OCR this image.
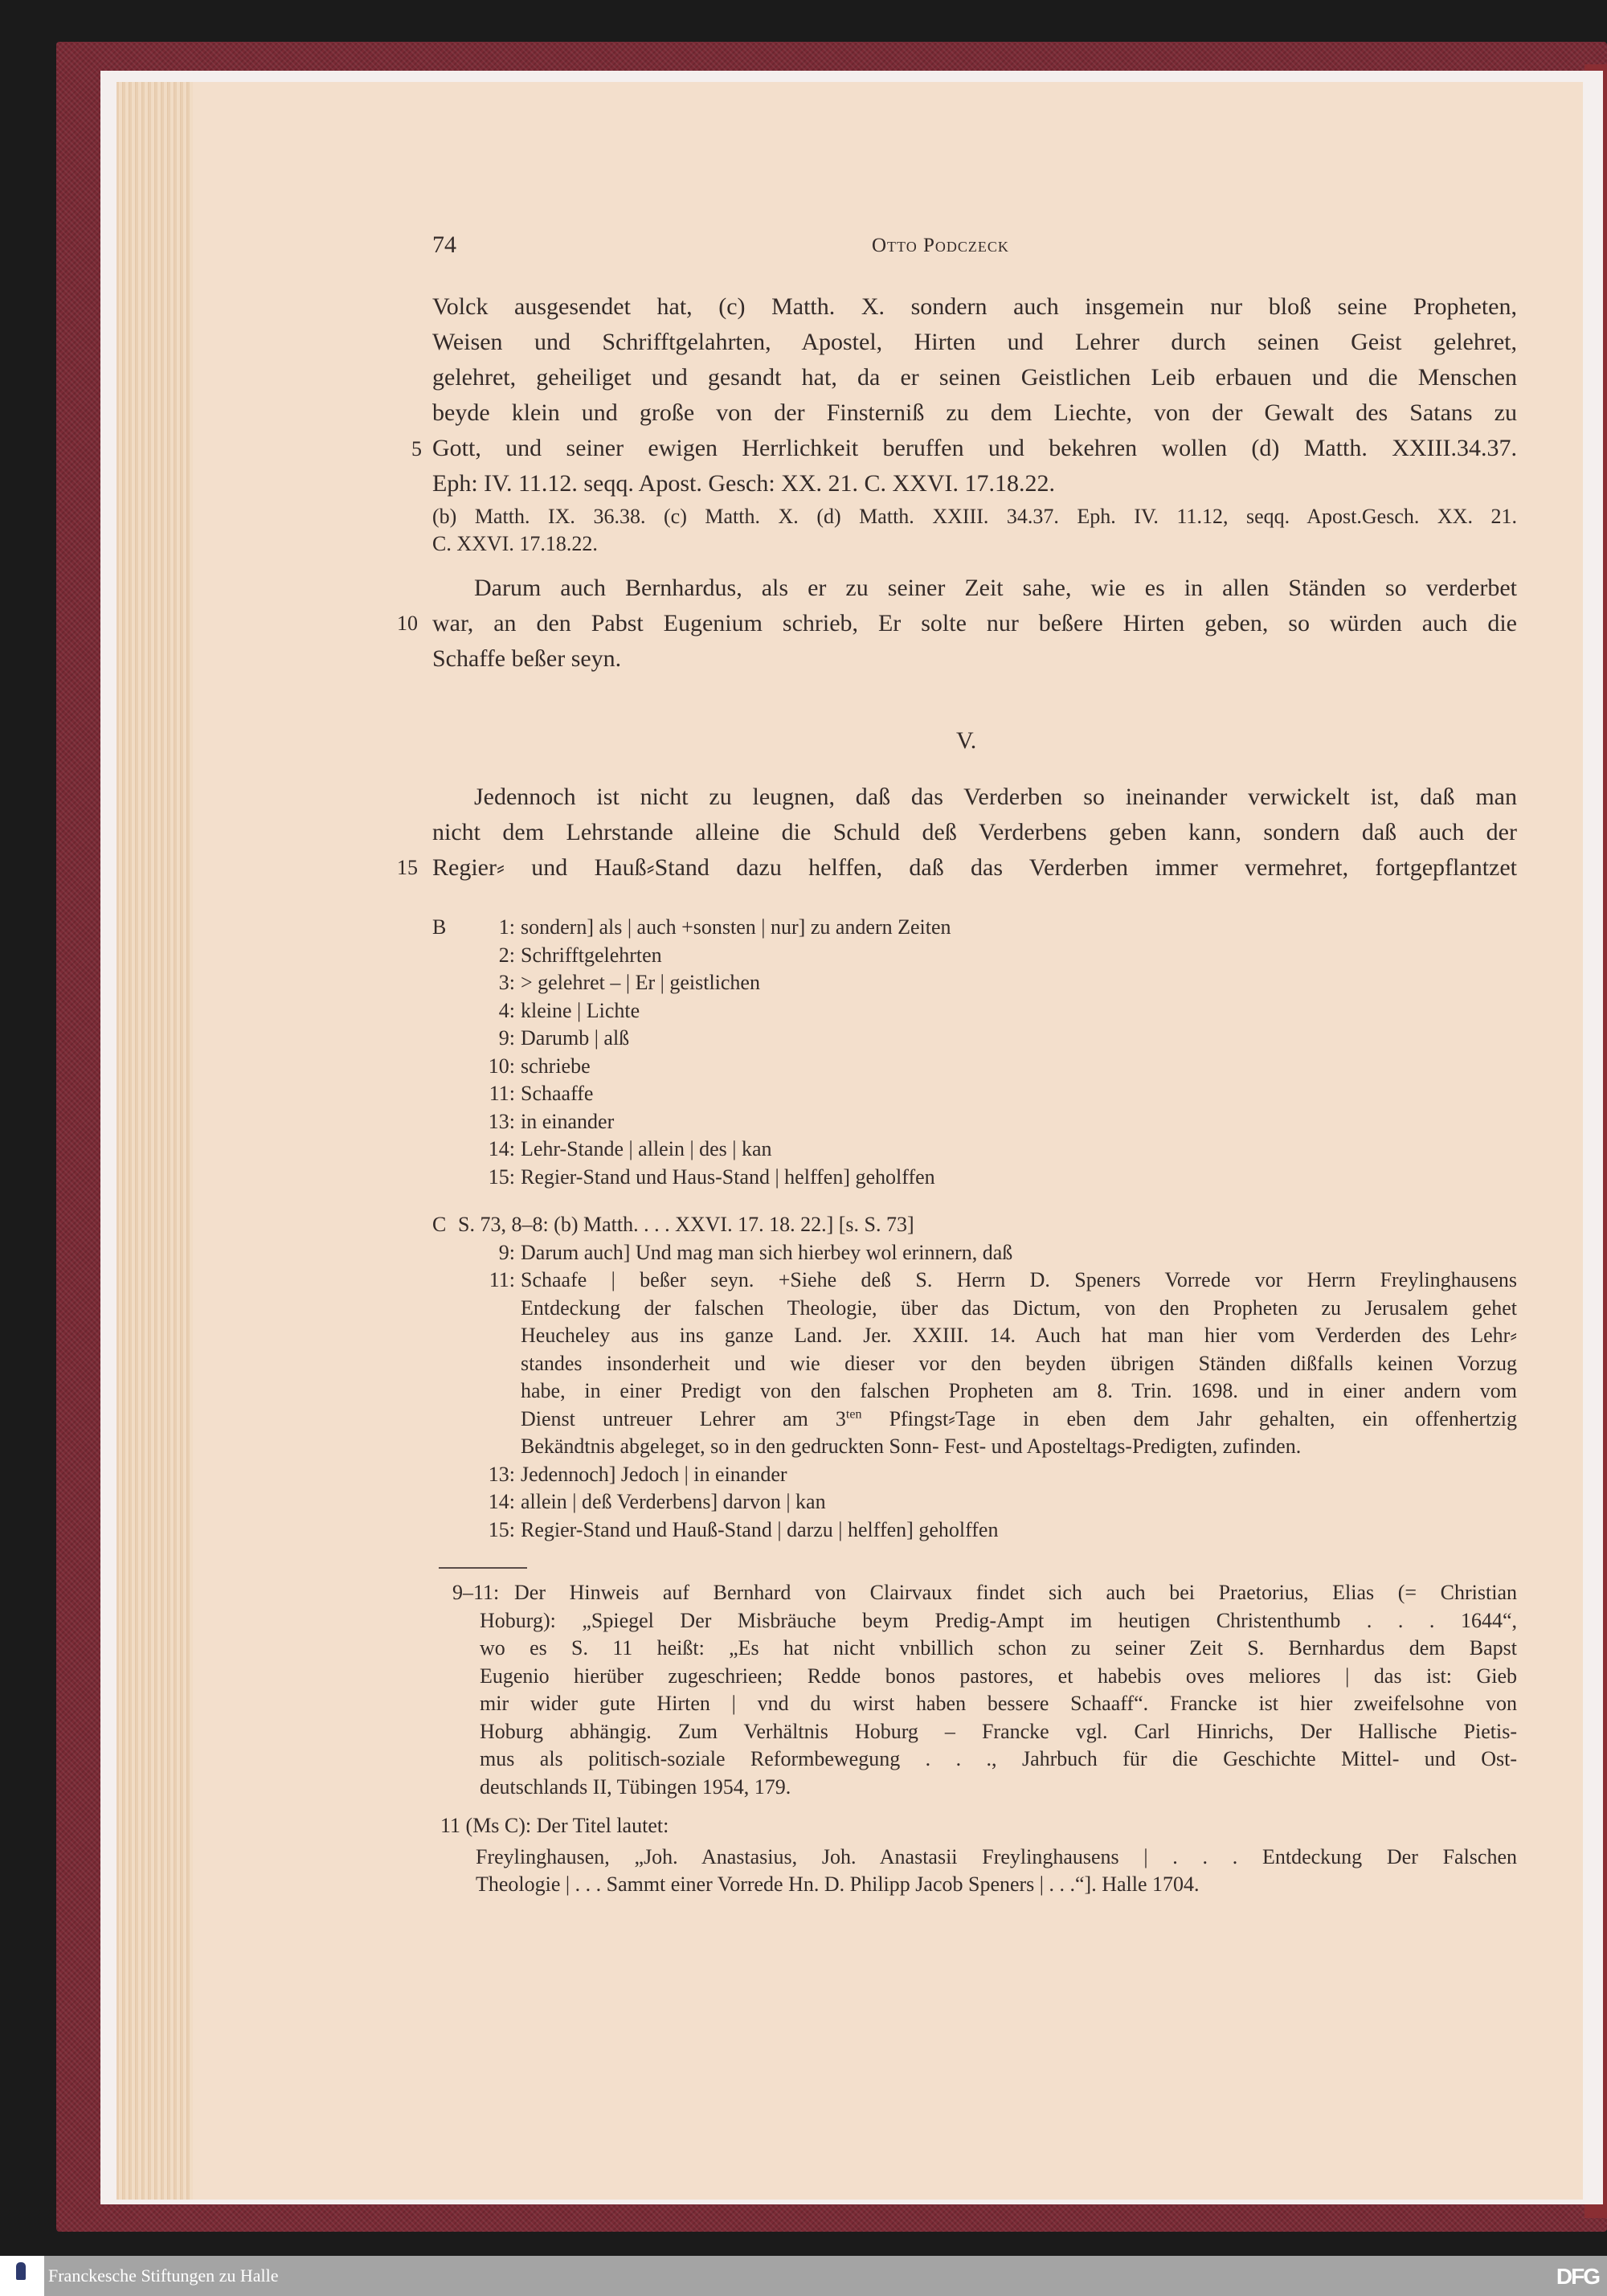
74	Otto Podczeck
Volck ausgesendet hat, (c) Matth. X. sondern auch insgemein nur bloß seine Propheten,
Weisen und Schrifftgelahrten, Apostel, Hirten und Lehrer durch seinen Geist gelehret,
gelehret, geheiliget und gesandt hat, da er seinen Geistlichen Leib erbauen und die Menschen
beyde klein und große von der Finsterniß zu dem Liechte, von der Gewalt des Satans zu
Gott, und seiner ewigen Herrlichkeit beruffen und bekehren wollen (d) Matth. XXIII.34.37.
Eph: IV. 11.12. seqq. Apost. Gesch: XX. 21. C. XXVI. 17.18.22.
5
(b) Matth. IX. 36.38. (c) Matth. X. (d) Matth. XXIII. 34.37. Eph. IV. 11.12, seqq. Apost.Gesch. XX. 21.
C. XXVI. 17.18.22.
Darum auch Bernhardus, als er zu seiner Zeit sahe, wie es in allen Ständen so verderbet
war, an den Pabst Eugenium schrieb, Er solte nur beßere Hirten geben, so würden auch die
Schaffe beßer seyn.
10
V.
Jedennoch ist nicht zu leugnen, daß das Verderben so ineinander verwickelt ist, daß man
nicht dem Lehrstande alleine die Schuld deß Verderbens geben kann, sondern daß auch der
Regier⸗ und Hauß⸗Stand dazu helffen, daß das Verderben immer vermehret, fortgepflantzet
15
B	1: sondern] als | auch +sonsten | nur] zu andern Zeiten
2: Schrifftgelehrten
3: > gelehret – | Er | geistlichen
4: kleine | Lichte
9: Darumb | alß
10: schriebe
11: Schaaffe
13: in einander
14: Lehr-Stande | allein | des | kan
15: Regier-Stand und Haus-Stand | helffen] geholffen
C S. 73, 8–8: (b) Matth. . . . XXVI. 17. 18. 22.] [s. S. 73]
9: Darum auch] Und mag man sich hierbey wol erinnern, daß
11: Schaafe | beßer seyn. +Siehe deß S. Herrn D. Speners Vorrede vor Herrn Freylinghausens
Entdeckung der falschen Theologie, über das Dictum, von den Propheten zu Jerusalem gehet
Heucheley aus ins ganze Land. Jer. XXIII. 14. Auch hat man hier vom Verderden des Lehr⸗
standes insonderheit und wie dieser vor den beyden übrigen Ständen dißfalls keinen Vorzug
habe, in einer Predigt von den falschen Propheten am 8. Trin. 1698. und in einer andern vom
Dienst untreuer Lehrer am $3^{ten}$ Pfingst⸗Tage in eben dem Jahr gehalten, ein offenhertzig
Bekändtnis abgeleget, so in den gedruckten Sonn- Fest- und Aposteltags-Predigten, zufinden.
13: Jedennoch] Jedoch | in einander
14: allein | deß Verderbens] darvon | kan
15: Regier-Stand und Hauß-Stand | darzu | helffen] geholffen
Der Hinweis auf Bernhard von Clairvaux findet sich auch bei Praetorius, Elias (= Christian
9–11:
Hoburg): „Spiegel Der Misbräuche beym Predig-Ampt im heutigen Christenthumb . . . 1644“,
wo es S. 11 heißt: „Es hat nicht vnbillich schon zu seiner Zeit S. Bernhardus dem Bapst
Eugenio hierüber zugeschrieen; Redde bonos pastores, et habebis oves meliores | das ist: Gieb
mir wider gute Hirten | vnd du wirst haben bessere Schaaff“. Francke ist hier zweifelsohne von
Hoburg abhängig. Zum Verhältnis Hoburg – Francke vgl. Carl Hinrichs, Der Hallische Pietis-
mus als politisch-soziale Reformbewegung . . ., Jahrbuch für die Geschichte Mittel- und Ost-
deutschlands II, Tübingen 1954, 179.
11 (Ms C): Der Titel lautet:
Freylinghausen, „Joh. Anastasius, Joh. Anastasii Freylinghausens | . . . Entdeckung Der Falschen
Theologie | . . . Sammt einer Vorrede Hn. D. Philipp Jacob Speners | . . .“]. Halle 1704.
Franckesche Stiftungen zu Halle	DFG
